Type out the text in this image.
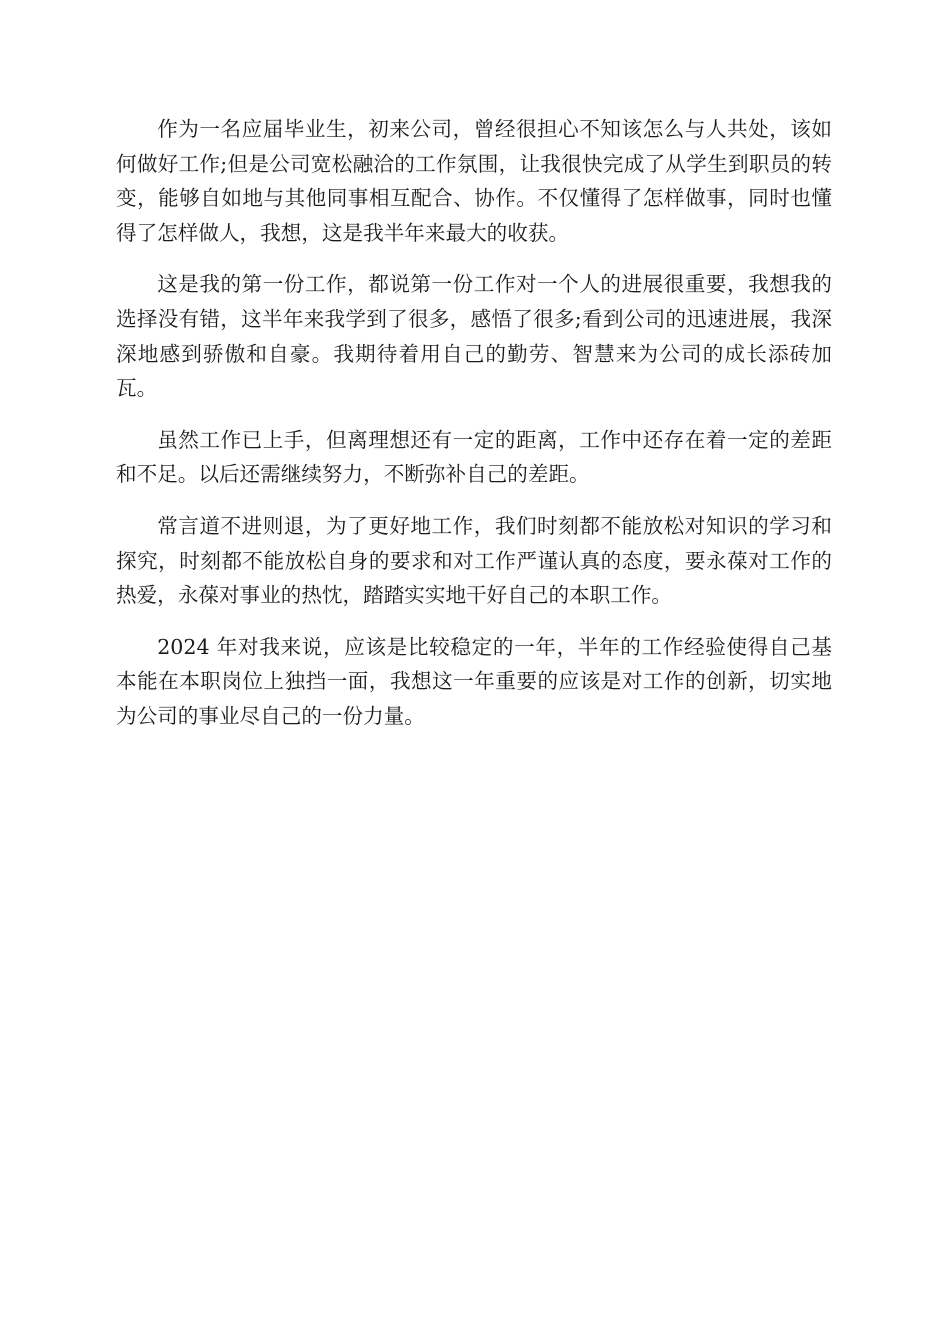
作为一名应届毕业生，初来公司，曾经很担心不知该怎么与人共处，该如何做好工作;但是公司宽松融洽的工作氛围，让我很快完成了从学生到职员的转变，能够自如地与其他同事相互配合、协作。不仅懂得了怎样做事，同时也懂得了怎样做人，我想，这是我半年来最大的收获。

这是我的第一份工作，都说第一份工作对一个人的进展很重要，我想我的选择没有错，这半年来我学到了很多，感悟了很多;看到公司的迅速进展，我深深地感到骄傲和自豪。我期待着用自己的勤劳、智慧来为公司的成长添砖加瓦。

虽然工作已上手，但离理想还有一定的距离，工作中还存在着一定的差距和不足。以后还需继续努力，不断弥补自己的差距。

常言道不进则退，为了更好地工作，我们时刻都不能放松对知识的学习和探究，时刻都不能放松自身的要求和对工作严谨认真的态度，要永葆对工作的热爱，永葆对事业的热忱，踏踏实实地干好自己的本职工作。

2024 年对我来说，应该是比较稳定的一年，半年的工作经验使得自己基本能在本职岗位上独挡一面，我想这一年重要的应该是对工作的创新，切实地为公司的事业尽自己的一份力量。
